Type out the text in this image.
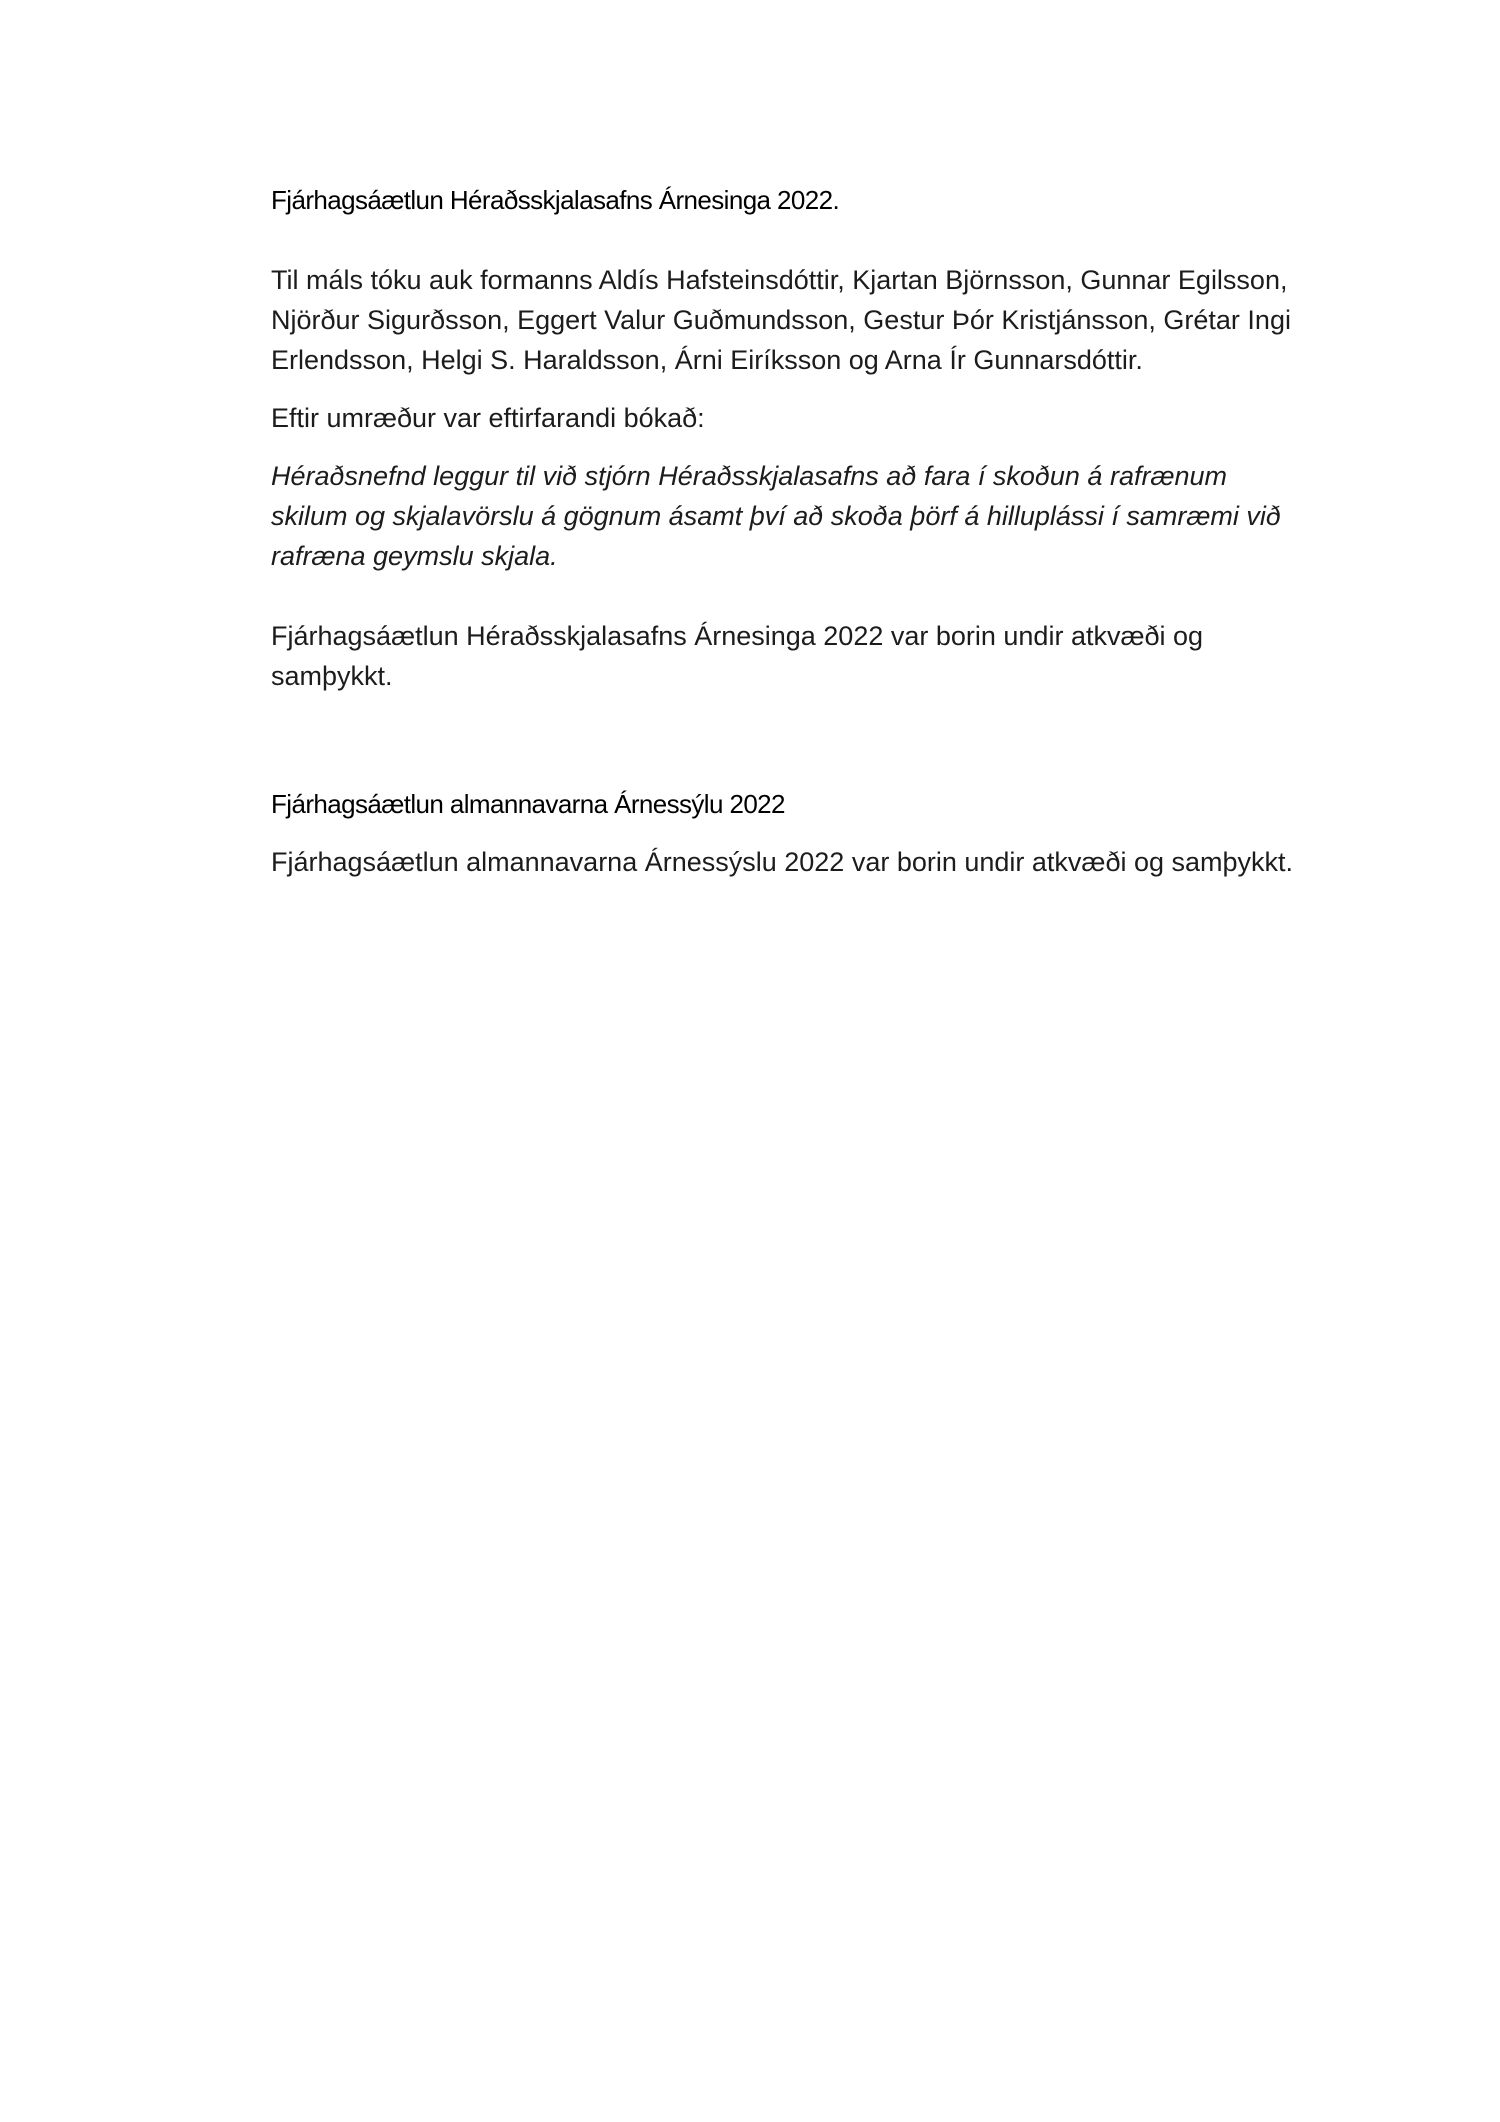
Fjárhagsáætlun Héraðsskjalasafns Árnesinga 2022.

Til máls tóku auk formanns Aldís Hafsteinsdóttir, Kjartan Björnsson, Gunnar Egilsson,
Njörður Sigurðsson, Eggert Valur Guðmundsson, Gestur Þór Kristjánsson, Grétar Ingi
Erlendsson, Helgi S. Haraldsson, Árni Eiríksson og Arna Ír Gunnarsdóttir.

Eftir umræður var eftirfarandi bókað:

Héraðsnefnd leggur til við stjórn Héraðsskjalasafns að fara í skoðun á rafrænum
skilum og skjalavörslu á gögnum ásamt því að skoða þörf á hilluplássi í samræmi við
rafræna geymslu skjala.

Fjárhagsáætlun Héraðsskjalasafns Árnesinga 2022 var borin undir atkvæði og
samþykkt.

Fjárhagsáætlun almannavarna Árnessýlu 2022

Fjárhagsáætlun almannavarna Árnessýslu 2022 var borin undir atkvæði og samþykkt.
